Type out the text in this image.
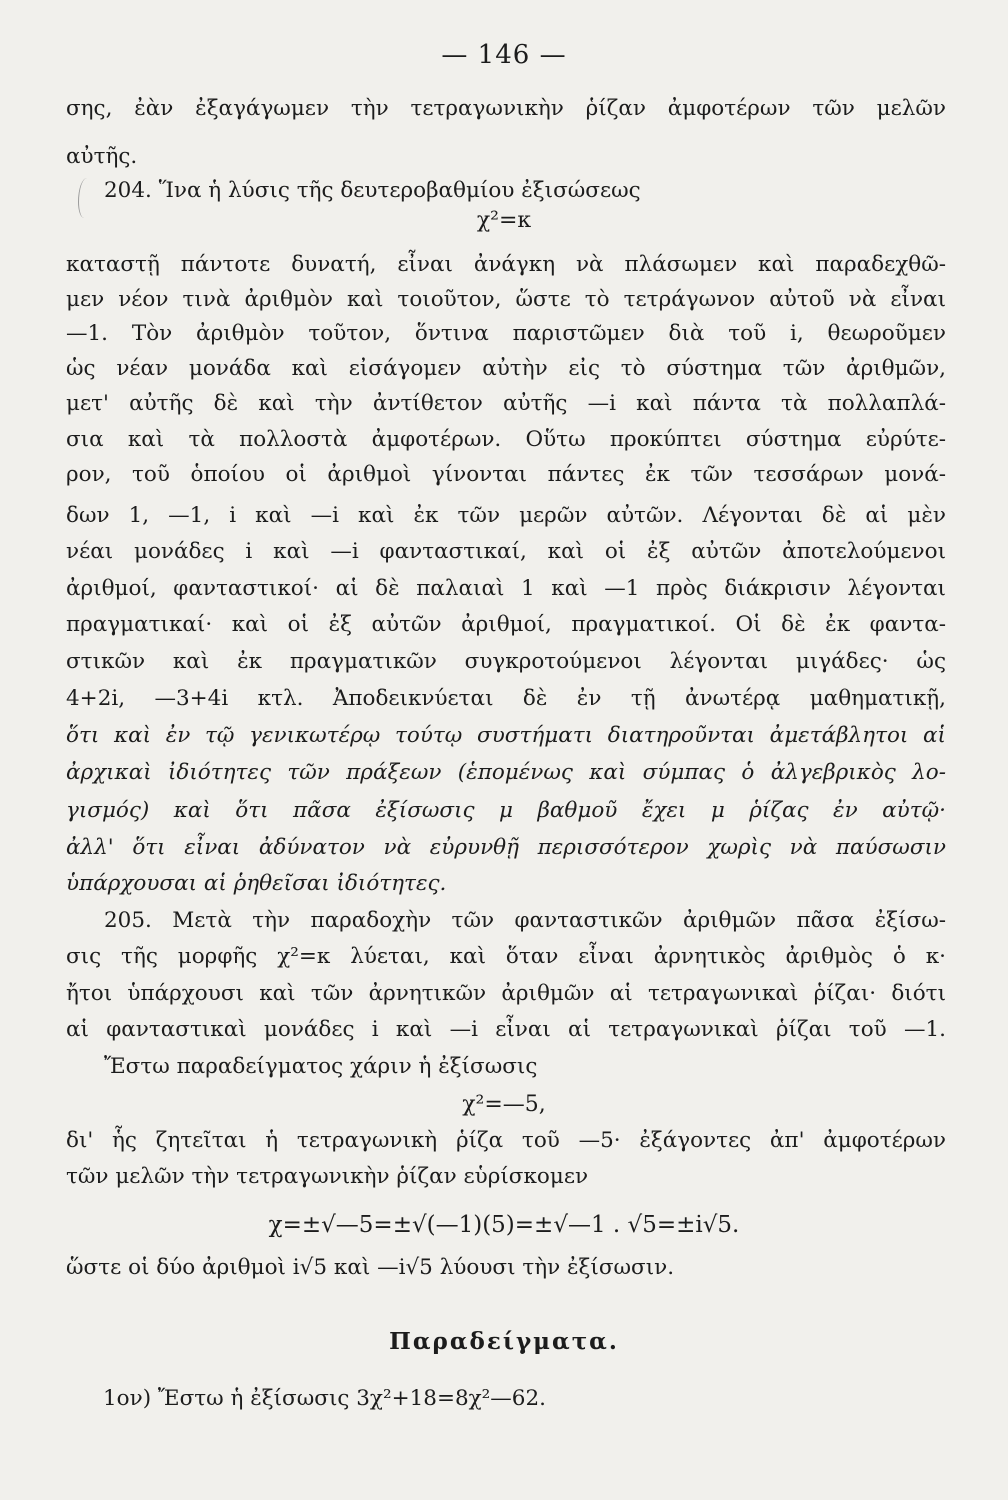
— 146 —
σης, ἐὰν ἐξαγάγωμεν τὴν τετραγωνικὴν ῥίζαν ἀμφοτέρων τῶν μελῶν
αὐτῆς.
204. Ἵνα ἡ λύσις τῆς δευτεροβαθμίου ἐξισώσεως
χ²=κ
καταστῇ πάντοτε δυνατή, εἶναι ἀνάγκη νὰ πλάσωμεν καὶ παραδεχθῶ-
μεν νέον τινὰ ἀριθμὸν καὶ τοιοῦτον, ὥστε τὸ τετράγωνον αὐτοῦ νὰ εἶναι
—1. Τὸν ἀριθμὸν τοῦτον, ὅντινα παριστῶμεν διὰ τοῦ i, θεωροῦμεν
ὡς νέαν μονάδα καὶ εἰσάγομεν αὐτὴν εἰς τὸ σύστημα τῶν ἀριθμῶν,
μετ' αὐτῆς δὲ καὶ τὴν ἀντίθετον αὐτῆς —i καὶ πάντα τὰ πολλαπλά-
σια καὶ τὰ πολλοστὰ ἀμφοτέρων. Οὕτω προκύπτει σύστημα εὐρύτε-
ρον, τοῦ ὁποίου οἱ ἀριθμοὶ γίνονται πάντες ἐκ τῶν τεσσάρων μονά-
δων 1, —1, i καὶ —i καὶ ἐκ τῶν μερῶν αὐτῶν. Λέγονται δὲ αἱ μὲν
νέαι μονάδες i καὶ —i φανταστικαί, καὶ οἱ ἐξ αὐτῶν ἀποτελούμενοι
ἀριθμοί, φανταστικοί· αἱ δὲ παλαιαὶ 1 καὶ —1 πρὸς διάκρισιν λέγονται
πραγματικαί· καὶ οἱ ἐξ αὐτῶν ἀριθμοί, πραγματικοί. Οἱ δὲ ἐκ φαντα-
στικῶν καὶ ἐκ πραγματικῶν συγκροτούμενοι λέγονται μιγάδες· ὡς
4+2i, —3+4i κτλ. Ἀποδεικνύεται δὲ ἐν τῇ ἀνωτέρᾳ μαθηματικῇ,
ὅτι καὶ ἐν τῷ γενικωτέρῳ τούτῳ συστήματι διατηροῦνται ἀμετάβλητοι αἱ
ἀρχικαὶ ἰδιότητες τῶν πράξεων (ἑπομένως καὶ σύμπας ὁ ἀλγεβρικὸς λο-
γισμός) καὶ ὅτι πᾶσα ἐξίσωσις μ βαθμοῦ ἔχει μ ῥίζας ἐν αὐτῷ·
ἀλλ' ὅτι εἶναι ἀδύνατον νὰ εὐρυνθῇ περισσότερον χωρὶς νὰ παύσωσιν
ὑπάρχουσαι αἱ ῥηθεῖσαι ἰδιότητες.
205. Μετὰ τὴν παραδοχὴν τῶν φανταστικῶν ἀριθμῶν πᾶσα ἐξίσω-
σις τῆς μορφῆς χ²=κ λύεται, καὶ ὅταν εἶναι ἀρνητικὸς ἀριθμὸς ὁ κ·
ἤτοι ὑπάρχουσι καὶ τῶν ἀρνητικῶν ἀριθμῶν αἱ τετραγωνικαὶ ῥίζαι· διότι
αἱ φανταστικαὶ μονάδες i καὶ —i εἶναι αἱ τετραγωνικαὶ ῥίζαι τοῦ —1.
Ἔστω παραδείγματος χάριν ἡ ἐξίσωσις
χ²=—5,
δι' ἧς ζητεῖται ἡ τετραγωνικὴ ῥίζα τοῦ —5· ἐξάγοντες ἀπ' ἀμφοτέρων
τῶν μελῶν τὴν τετραγωνικὴν ῥίζαν εὑρίσκομεν
χ=±√—5=±√(—1)(5)=±√—1 . √5=±i√5.
ὥστε οἱ δύο ἀριθμοὶ i√5 καὶ —i√5 λύουσι τὴν ἐξίσωσιν.
Παραδείγματα.
1ον) Ἔστω ἡ ἐξίσωσις 3χ²+18=8χ²—62.
